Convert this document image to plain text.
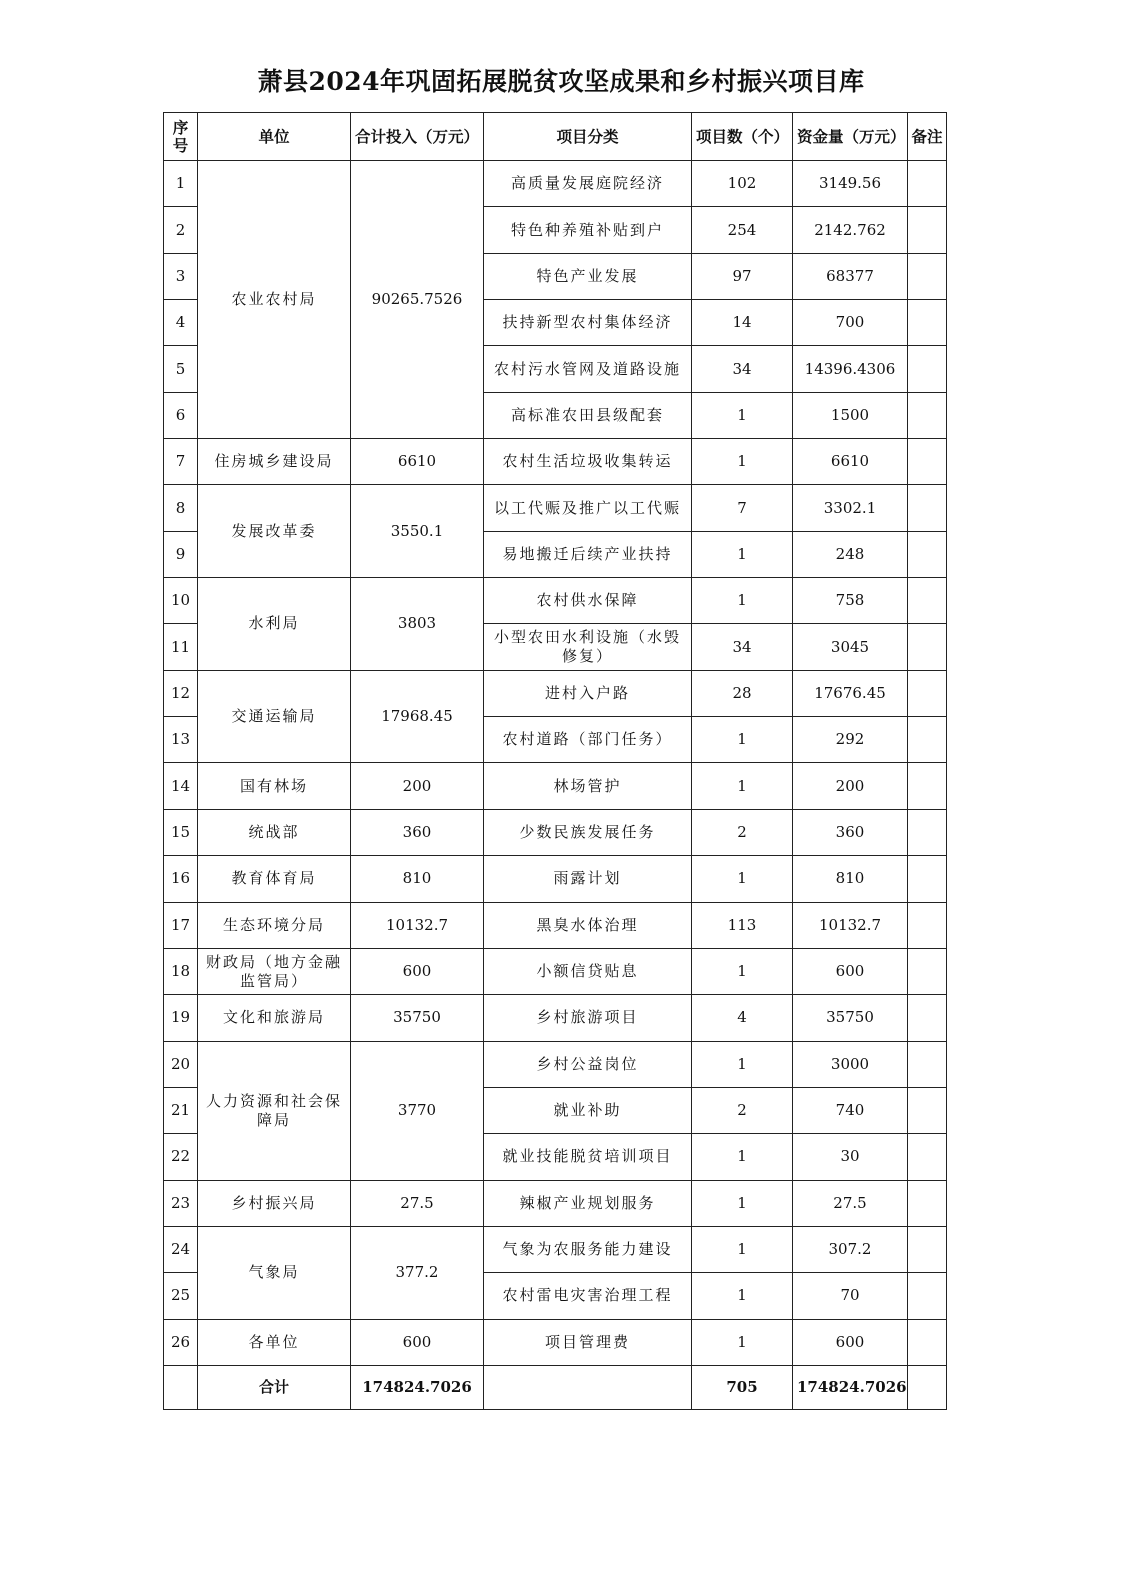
萧县2024年巩固拓展脱贫攻坚成果和乡村振兴项目库
序
号	单位	合计投入（万元）	项目分类	项目数（个）	资金量（万元）	备注
1	农业农村局	90265.7526	高质量发展庭院经济	102	3149.56	
2			特色种养殖补贴到户	254	2142.762	
3			特色产业发展	97	68377	
4			扶持新型农村集体经济	14	700	
5			农村污水管网及道路设施	34	14396.4306	
6			高标准农田县级配套	1	1500	
7	住房城乡建设局	6610	农村生活垃圾收集转运	1	6610	
8	发展改革委	3550.1	以工代赈及推广以工代赈	7	3302.1	
9			易地搬迁后续产业扶持	1	248	
10	水利局	3803	农村供水保障	1	758	
11			小型农田水利设施（水毁修复）	34	3045	
12	交通运输局	17968.45	进村入户路	28	17676.45	
13			农村道路（部门任务）	1	292	
14	国有林场	200	林场管护	1	200	
15	统战部	360	少数民族发展任务	2	360	
16	教育体育局	810	雨露计划	1	810	
17	生态环境分局	10132.7	黑臭水体治理	113	10132.7	
18	财政局（地方金融监管局）	600	小额信贷贴息	1	600	
19	文化和旅游局	35750	乡村旅游项目	4	35750	
20	人力资源和社会保障局	3770	乡村公益岗位	1	3000	
21			就业补助	2	740	
22			就业技能脱贫培训项目	1	30	
23	乡村振兴局	27.5	辣椒产业规划服务	1	27.5	
24	气象局	377.2	气象为农服务能力建设	1	307.2	
25			农村雷电灾害治理工程	1	70	
26	各单位	600	项目管理费	1	600	
	合计	174824.7026		705	174824.7026	
